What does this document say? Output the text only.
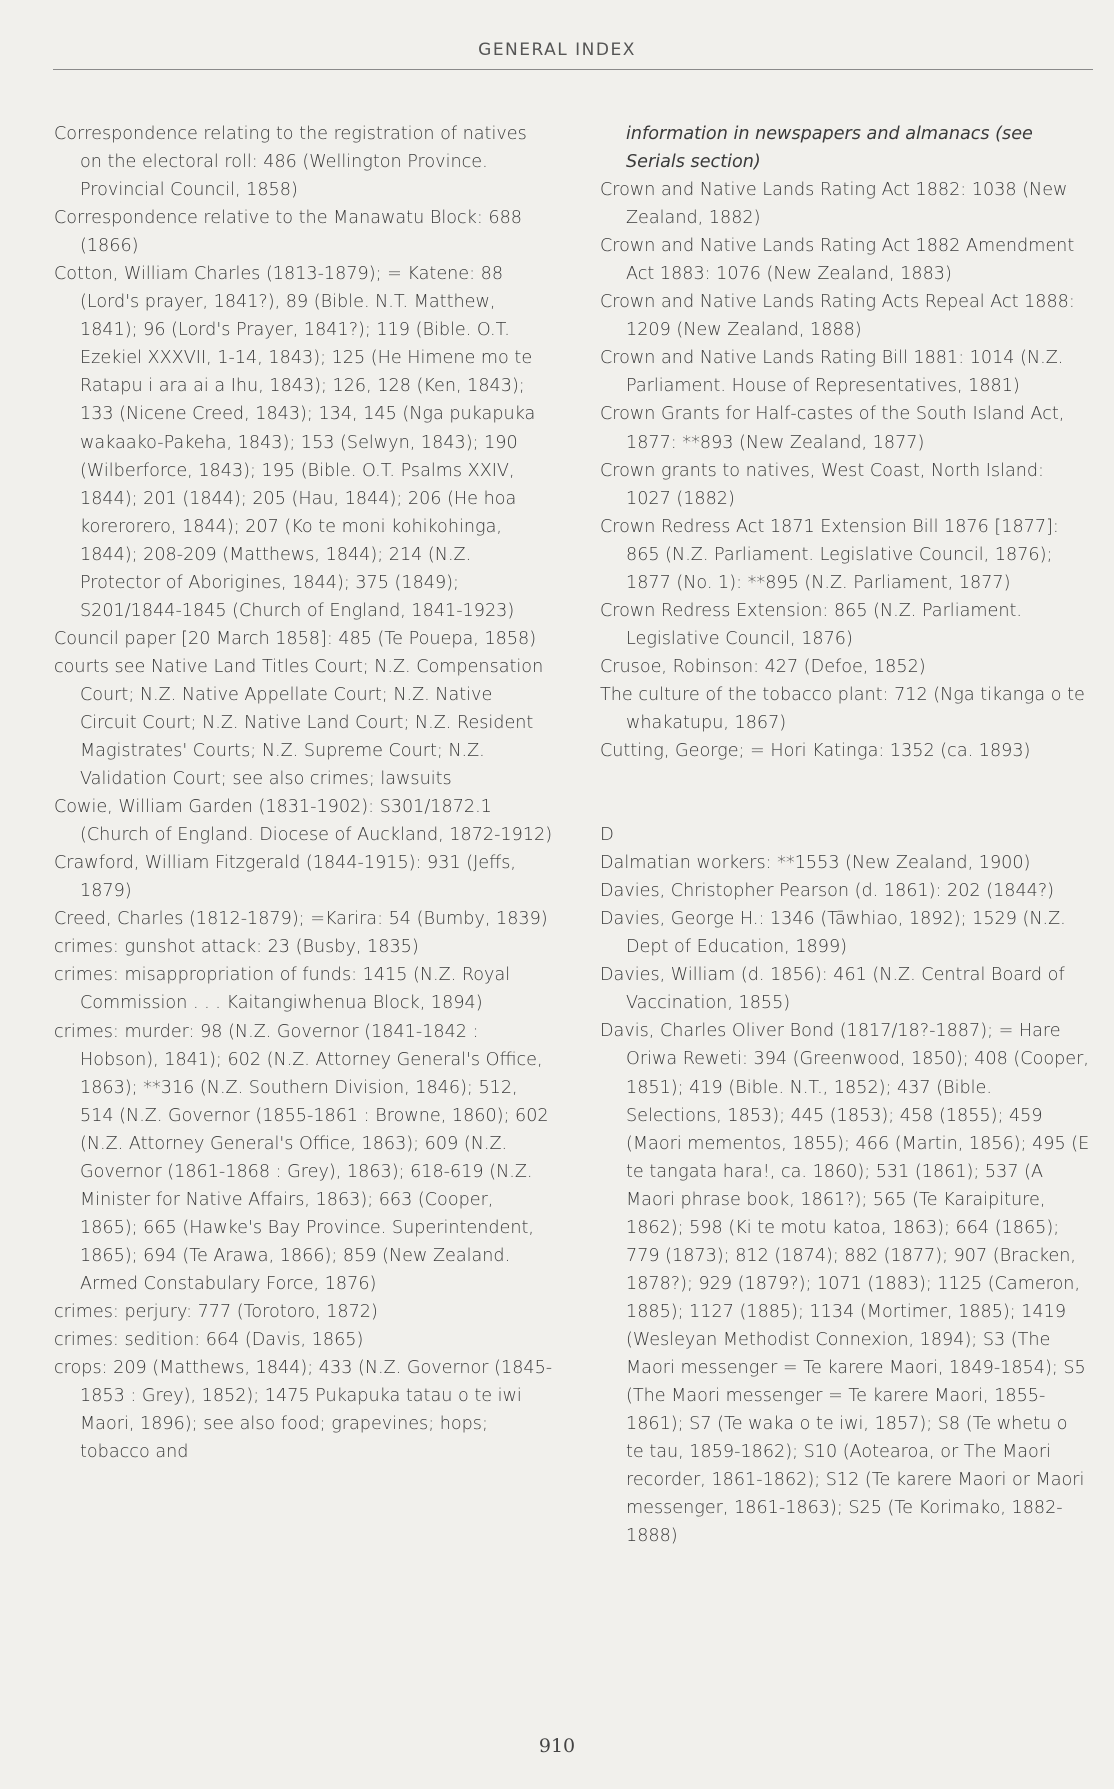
GENERAL INDEX

Correspondence relating to the registration of natives on the electoral roll: 486 (Wellington Province. Provincial Council, 1858)

Correspondence relative to the Manawatu Block: 688 (1866)

Cotton, William Charles (1813-1879); = Katene: 88 (Lord's prayer, 1841?), 89 (Bible. N.T. Matthew, 1841); 96 (Lord's Prayer, 1841?); 119 (Bible. O.T. Ezekiel XXXVII, 1-14, 1843); 125 (He Himene mo te Ratapu i ara ai a Ihu, 1843); 126, 128 (Ken, 1843); 133 (Nicene Creed, 1843); 134, 145 (Nga pukapuka wakaako-Pakeha, 1843); 153 (Selwyn, 1843); 190 (Wilberforce, 1843); 195 (Bible. O.T. Psalms XXIV, 1844); 201 (1844); 205 (Hau, 1844); 206 (He hoa korerorero, 1844); 207 (Ko te moni kohikohinga, 1844); 208-209 (Matthews, 1844); 214 (N.Z. Protector of Aborigines, 1844); 375 (1849); S201/1844-1845 (Church of England, 1841-1923)

Council paper [20 March 1858]: 485 (Te Pouepa, 1858)

courts see Native Land Titles Court; N.Z. Compensation Court; N.Z. Native Appellate Court; N.Z. Native Circuit Court; N.Z. Native Land Court; N.Z. Resident Magistrates' Courts; N.Z. Supreme Court; N.Z. Validation Court; see also crimes; lawsuits

Cowie, William Garden (1831-1902): S301/1872.1 (Church of England. Diocese of Auckland, 1872-1912)

Crawford, William Fitzgerald (1844-1915): 931 (Jeffs, 1879)

Creed, Charles (1812-1879); =Karira: 54 (Bumby, 1839)

crimes: gunshot attack: 23 (Busby, 1835)

crimes: misappropriation of funds: 1415 (N.Z. Royal Commission . . . Kaitangiwhenua Block, 1894)

crimes: murder: 98 (N.Z. Governor (1841-1842 : Hobson), 1841); 602 (N.Z. Attorney General's Office, 1863); **316 (N.Z. Southern Division, 1846); 512, 514 (N.Z. Governor (1855-1861 : Browne, 1860); 602 (N.Z. Attorney General's Office, 1863); 609 (N.Z. Governor (1861-1868 : Grey), 1863); 618-619 (N.Z. Minister for Native Affairs, 1863); 663 (Cooper, 1865); 665 (Hawke's Bay Province. Superintendent, 1865); 694 (Te Arawa, 1866); 859 (New Zealand. Armed Constabulary Force, 1876)

crimes: perjury: 777 (Torotoro, 1872)

crimes: sedition: 664 (Davis, 1865)

crops: 209 (Matthews, 1844); 433 (N.Z. Governor (1845-1853 : Grey), 1852); 1475 Pukapuka tatau o te iwi Maori, 1896); see also food; grapevines; hops; tobacco and

information in newspapers and almanacs (see Serials section)

Crown and Native Lands Rating Act 1882: 1038 (New Zealand, 1882)

Crown and Native Lands Rating Act 1882 Amendment Act 1883: 1076 (New Zealand, 1883)

Crown and Native Lands Rating Acts Repeal Act 1888: 1209 (New Zealand, 1888)

Crown and Native Lands Rating Bill 1881: 1014 (N.Z. Parliament. House of Representatives, 1881)

Crown Grants for Half-castes of the South Island Act, 1877: **893 (New Zealand, 1877)

Crown grants to natives, West Coast, North Island: 1027 (1882)

Crown Redress Act 1871 Extension Bill 1876 [1877]: 865 (N.Z. Parliament. Legislative Council, 1876); 1877 (No. 1): **895 (N.Z. Parliament, 1877)

Crown Redress Extension: 865 (N.Z. Parliament. Legislative Council, 1876)

Crusoe, Robinson: 427 (Defoe, 1852)

The culture of the tobacco plant: 712 (Nga tikanga o te whakatupu, 1867)

Cutting, George; = Hori Katinga: 1352 (ca. 1893)

D

Dalmatian workers: **1553 (New Zealand, 1900)

Davies, Christopher Pearson (d. 1861): 202 (1844?)

Davies, George H.: 1346 (Tāwhiao, 1892); 1529 (N.Z. Dept of Education, 1899)

Davies, William (d. 1856): 461 (N.Z. Central Board of Vaccination, 1855)

Davis, Charles Oliver Bond (1817/18?-1887); = Hare Oriwa Reweti: 394 (Greenwood, 1850); 408 (Cooper, 1851); 419 (Bible. N.T., 1852); 437 (Bible. Selections, 1853); 445 (1853); 458 (1855); 459 (Maori mementos, 1855); 466 (Martin, 1856); 495 (E te tangata hara!, ca. 1860); 531 (1861); 537 (A Maori phrase book, 1861?); 565 (Te Karaipiture, 1862); 598 (Ki te motu katoa, 1863); 664 (1865); 779 (1873); 812 (1874); 882 (1877); 907 (Bracken, 1878?); 929 (1879?); 1071 (1883); 1125 (Cameron, 1885); 1127 (1885); 1134 (Mortimer, 1885); 1419 (Wesleyan Methodist Connexion, 1894); S3 (The Maori messenger = Te karere Maori, 1849-1854); S5 (The Maori messenger = Te karere Maori, 1855-1861); S7 (Te waka o te iwi, 1857); S8 (Te whetu o te tau, 1859-1862); S10 (Aotearoa, or The Maori recorder, 1861-1862); S12 (Te karere Maori or Maori messenger, 1861-1863); S25 (Te Korimako, 1882-1888)

910
